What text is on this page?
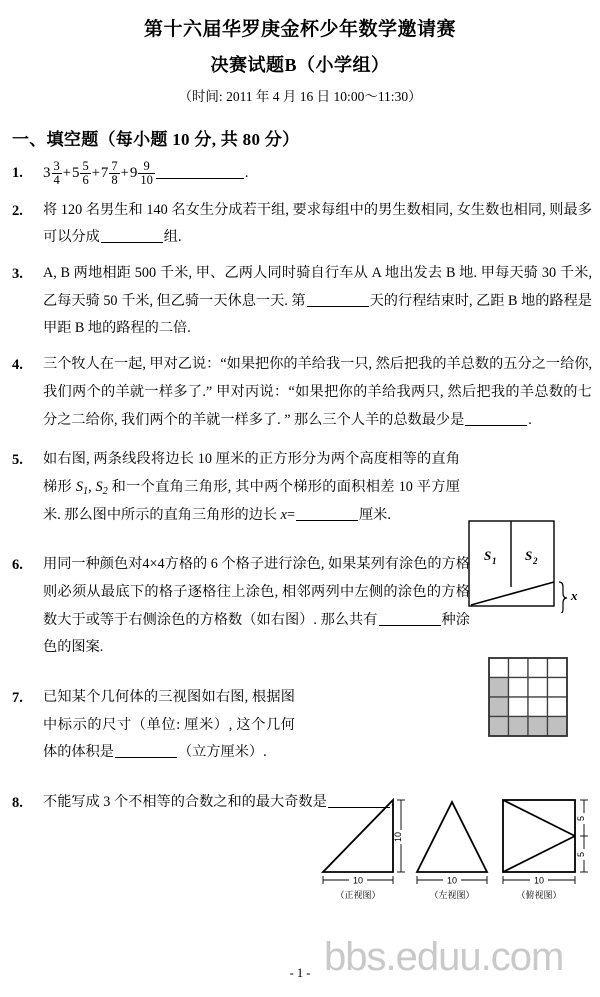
第十六届华罗庚金杯少年数学邀请赛
决赛试题B（小学组）
（时间: 2011 年 4 月 16 日 10:00～11:30）
一、填空题（每小题 10 分, 共 80 分）
1. $3 \frac{3}{4} +5 \frac{5}{6} +7 \frac{7}{8} +9 \frac{9}{10}$	.
2. 将 120 名男生和 140 名女生分成若干组, 要求每组中的男生数相同, 女生数也相同, 则最多可以分成	组.
3. A, B 两地相距 500 千米, 甲、乙两人同时骑自行车从 A 地出发去 B 地. 甲每天骑 30 千米, 乙每天骑 50 千米, 但乙骑一天休息一天. 第	天的行程结束时, 乙距 B 地的路程是甲距 B 地的路程的二倍.
4. 三个牧人在一起, 甲对乙说：“如果把你的羊给我一只, 然后把我的羊总数的五分之一给你, 我们两个的羊就一样多了.” 甲对丙说：“如果把你的羊给我两只, 然后把我的羊总数的七分之二给你, 我们两个的羊就一样多了. ” 那么三个人羊的总数最少是	.
5. 如右图, 两条线段将边长 10 厘米的正方形分为两个高度相等的直角梯形 $S_1$, $S_2$ 和一个直角三角形, 其中两个梯形的面积相差 10 平方厘米. 那么图中所示的直角三角形的边长 x=	厘米.
S 1 S 2
x
6. 用同一种颜色对4×4方格的 6 个格子进行涂色, 如果某列有涂色的方格则必须从最底下的格子逐格往上涂色, 相邻两列中左侧的涂色的方格数大于或等于右侧涂色的方格数（如右图）. 那么共有	种涂色的图案.
7. 已知某个几何体的三视图如右图, 根据图中标示的尺寸（单位: 厘米）, 这个几何体的体积是	（立方厘米）.
10
10
（正视图）
10
（左视图）
10
5
5
（俯视图）
8. 不能写成 3 个不相等的合数之和的最大奇数是	.
bbs.eduu.com
- 1 -
